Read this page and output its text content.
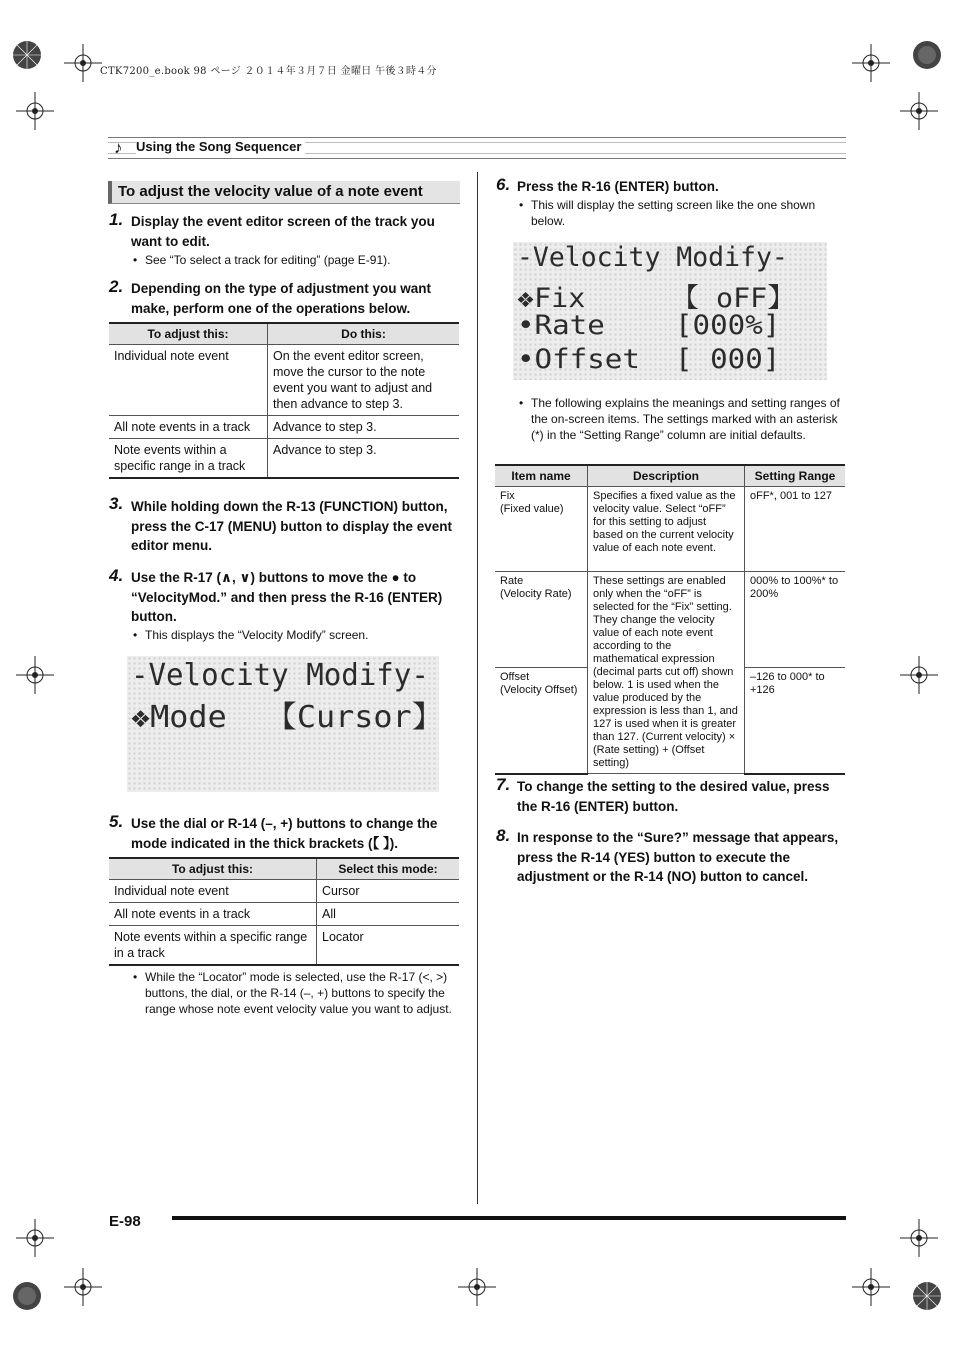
CTK7200_e.book 98 ページ ２０１４年３月７日 金曜日 午後３時４分
♪ Using the Song Sequencer
To adjust the velocity value of a note event
1. Display the event editor screen of the track you want to edit.
• See “To select a track for editing” (page E-91).
2. Depending on the type of adjustment you want make, perform one of the operations below.
To adjust this:	Do this:
Individual note event	On the event editor screen, move the cursor to the note event you want to adjust and then advance to step 3.
All note events in a track	Advance to step 3.
Note events within a specific range in a track	Advance to step 3.
3. While holding down the R-13 (FUNCTION) button, press the C-17 (MENU) button to display the event editor menu.
4. Use the R-17 (∧, ∨) buttons to move the ● to “VelocityMod.” and then press the R-16 (ENTER) button.
• This displays the “Velocity Modify” screen.
-Velocity Modify-
❖Mode  【Cursor】
5. Use the dial or R-14 (–, +) buttons to change the mode indicated in the thick brackets (【 】).
To adjust this:	Select this mode:
Individual note event	Cursor
All note events in a track	All
Note events within a specific range in a track	Locator
• While the “Locator” mode is selected, use the R-17 (<, >) buttons, the dial, or the R-14 (–, +) buttons to specify the range whose note event velocity value you want to adjust.
6. Press the R-16 (ENTER) button.
• This will display the setting screen like the one shown below.
-Velocity Modify-
❖Fix     【 oFF】
•Rate    [000%]
•Offset  [ 000]
• The following explains the meanings and setting ranges of the on-screen items. The settings marked with an asterisk (*) in the “Setting Range” column are initial defaults.
Item name	Description	Setting Range
Fix
(Fixed value)	Specifies a fixed value as the velocity value. Select “oFF” for this setting to adjust based on the current velocity value of each note event.	oFF*, 001 to 127
Rate
(Velocity Rate)	These settings are enabled only when the “oFF” is selected for the “Fix” setting. They change the velocity value of each note event according to the mathematical expression (decimal parts cut off) shown below. 1 is used when the value produced by the expression is less than 1, and 127 is used when it is greater than 127. (Current velocity) × (Rate setting) + (Offset setting)	000% to 100%* to 200%
Offset
(Velocity Offset)		–126 to 000* to +126
7. To change the setting to the desired value, press the R-16 (ENTER) button.
8. In response to the “Sure?” message that appears, press the R-14 (YES) button to execute the adjustment or the R-14 (NO) button to cancel.
E-98
